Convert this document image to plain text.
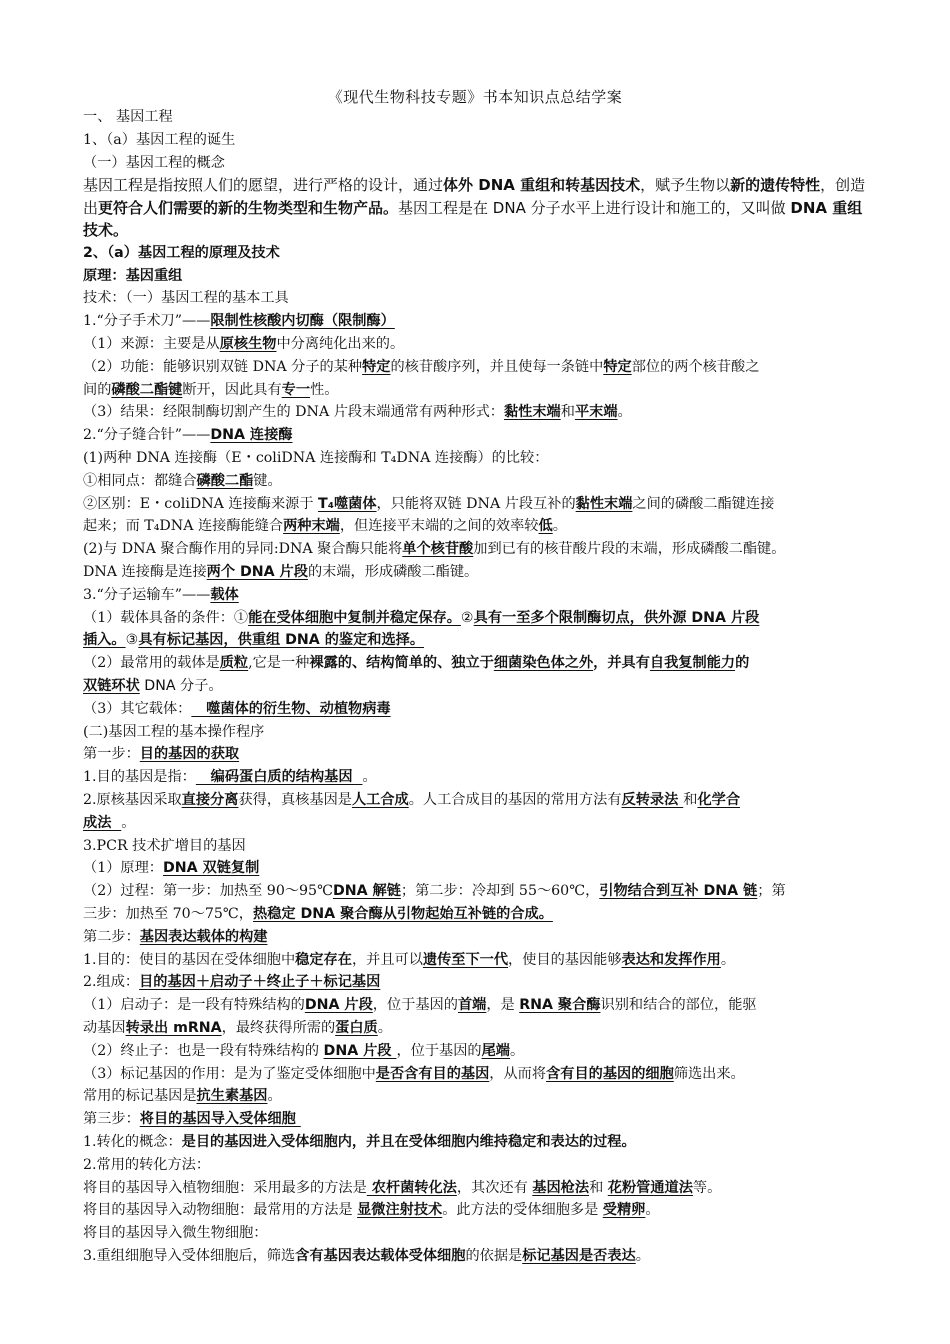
《现代生物科技专题》书本知识点总结学案
一、 基因工程
1、（a）基因工程的诞生
（一）基因工程的概念
基因工程是指按照人们的愿望，进行严格的设计，通过体外 DNA 重组和转基因技术，赋予生物以新的遗传特性，创造出更符合人们需要的新的生物类型和生物产品。基因工程是在 DNA 分子水平上进行设计和施工的，又叫做 DNA 重组技术。
2、（a）基因工程的原理及技术
原理：基因重组
技术：（一）基因工程的基本工具
1.“分子手术刀”——限制性核酸内切酶（限制酶）
（1）来源：主要是从原核生物中分离纯化出来的。
（2）功能：能够识别双链 DNA 分子的某种特定的核苷酸序列，并且使每一条链中特定部位的两个核苷酸之
间的磷酸二酯键断开，因此具有专一性。
（3）结果：经限制酶切割产生的 DNA 片段末端通常有两种形式：黏性末端和平末端。
2.“分子缝合针”——DNA 连接酶
(1)两种 DNA 连接酶（E・coliDNA 连接酶和 T₄DNA 连接酶）的比较：
①相同点：都缝合磷酸二酯键。
②区别：E・coliDNA 连接酶来源于 T₄噬菌体，只能将双链 DNA 片段互补的黏性末端之间的磷酸二酯键连接
起来；而 T₄DNA 连接酶能缝合两种末端，但连接平末端的之间的效率较低。
(2)与 DNA 聚合酶作用的异同:DNA 聚合酶只能将单个核苷酸加到已有的核苷酸片段的末端，形成磷酸二酯键。
DNA 连接酶是连接两个 DNA 片段的末端，形成磷酸二酯键。
3.“分子运输车”——载体
（1）载体具备的条件：①能在受体细胞中复制并稳定保存。②具有一至多个限制酶切点，供外源 DNA 片段
插入。③具有标记基因，供重组 DNA 的鉴定和选择。
（2）最常用的载体是质粒,它是一种裸露的、结构简单的、独立于细菌染色体之外，并具有自我复制能力的
双链环状 DNA 分子。
（3）其它载体：   噬菌体的衍生物、动植物病毒
(二)基因工程的基本操作程序
第一步：目的基因的获取
1.目的基因是指：   编码蛋白质的结构基因  。
2.原核基因采取直接分离获得，真核基因是人工合成。人工合成目的基因的常用方法有反转录法 和化学合
成法  。
3.PCR 技术扩增目的基因
（1）原理：DNA 双链复制
（2）过程：第一步：加热至 90～95℃DNA 解链；第二步：冷却到 55～60℃，引物结合到互补 DNA 链；第
三步：加热至 70～75℃，热稳定 DNA 聚合酶从引物起始互补链的合成。
第二步：基因表达载体的构建
1.目的：使目的基因在受体细胞中稳定存在，并且可以遗传至下一代，使目的基因能够表达和发挥作用。
2.组成：目的基因＋启动子＋终止子＋标记基因
（1）启动子：是一段有特殊结构的DNA 片段，位于基因的首端，是 RNA 聚合酶识别和结合的部位，能驱
动基因转录出 mRNA，最终获得所需的蛋白质。
（2）终止子：也是一段有特殊结构的 DNA 片段 ，位于基因的尾端。
（3）标记基因的作用：是为了鉴定受体细胞中是否含有目的基因，从而将含有目的基因的细胞筛选出来。
常用的标记基因是抗生素基因。
第三步：将目的基因导入受体细胞
1.转化的概念：是目的基因进入受体细胞内，并且在受体细胞内维持稳定和表达的过程。
2.常用的转化方法：
将目的基因导入植物细胞：采用最多的方法是 农杆菌转化法，其次还有 基因枪法和 花粉管通道法等。
将目的基因导入动物细胞：最常用的方法是 显微注射技术。此方法的受体细胞多是 受精卵。
将目的基因导入微生物细胞：
3.重组细胞导入受体细胞后，筛选含有基因表达载体受体细胞的依据是标记基因是否表达。
